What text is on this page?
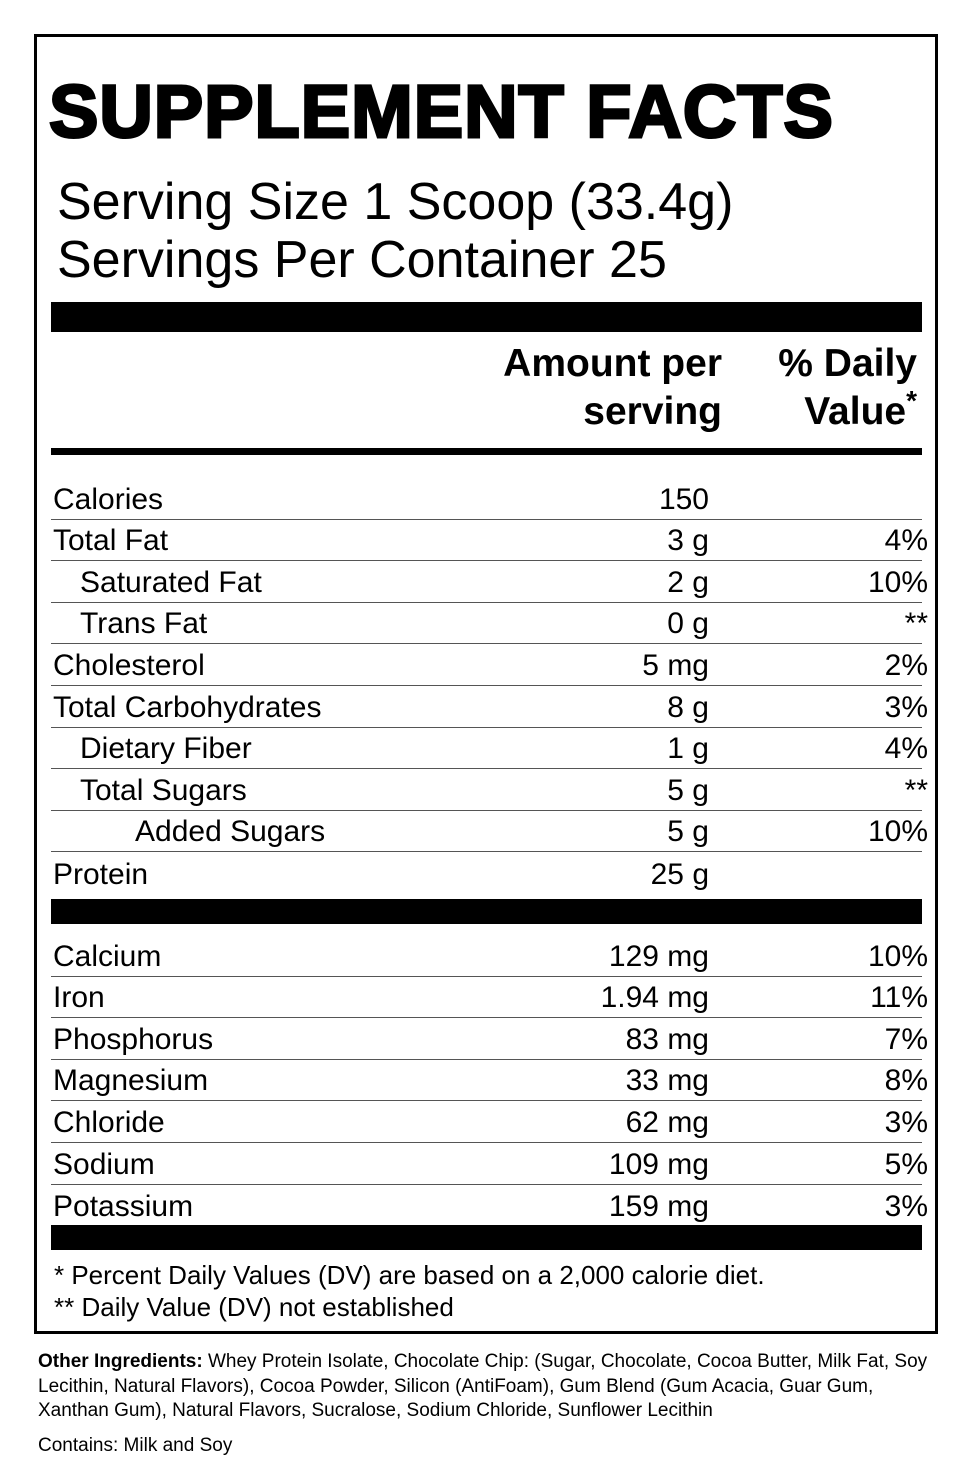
SUPPLEMENT FACTS
Serving Size 1 Scoop (33.4g)
Servings Per Container 25
Amount per
serving
% Daily
Value*
Calories	150
Total Fat	3 g	4%
Saturated Fat	2 g	10%
Trans Fat	0 g	**
Cholesterol	5 mg	2%
Total Carbohydrates	8 g	3%
Dietary Fiber	1 g	4%
Total Sugars	5 g	**
Added Sugars	5 g	10%
Protein	25 g
Calcium	129 mg	10%
Iron	1.94 mg	11%
Phosphorus	83 mg	7%
Magnesium	33 mg	8%
Chloride	62 mg	3%
Sodium	109 mg	5%
Potassium	159 mg	3%
* Percent Daily Values (DV) are based on a 2,000 calorie diet.
** Daily Value (DV) not established
Other Ingredients: Whey Protein Isolate, Chocolate Chip: (Sugar, Chocolate, Cocoa Butter, Milk Fat, Soy Lecithin, Natural Flavors), Cocoa Powder, Silicon (AntiFoam), Gum Blend (Gum Acacia, Guar Gum, Xanthan Gum), Natural Flavors, Sucralose, Sodium Chloride, Sunflower Lecithin
Contains: Milk and Soy
